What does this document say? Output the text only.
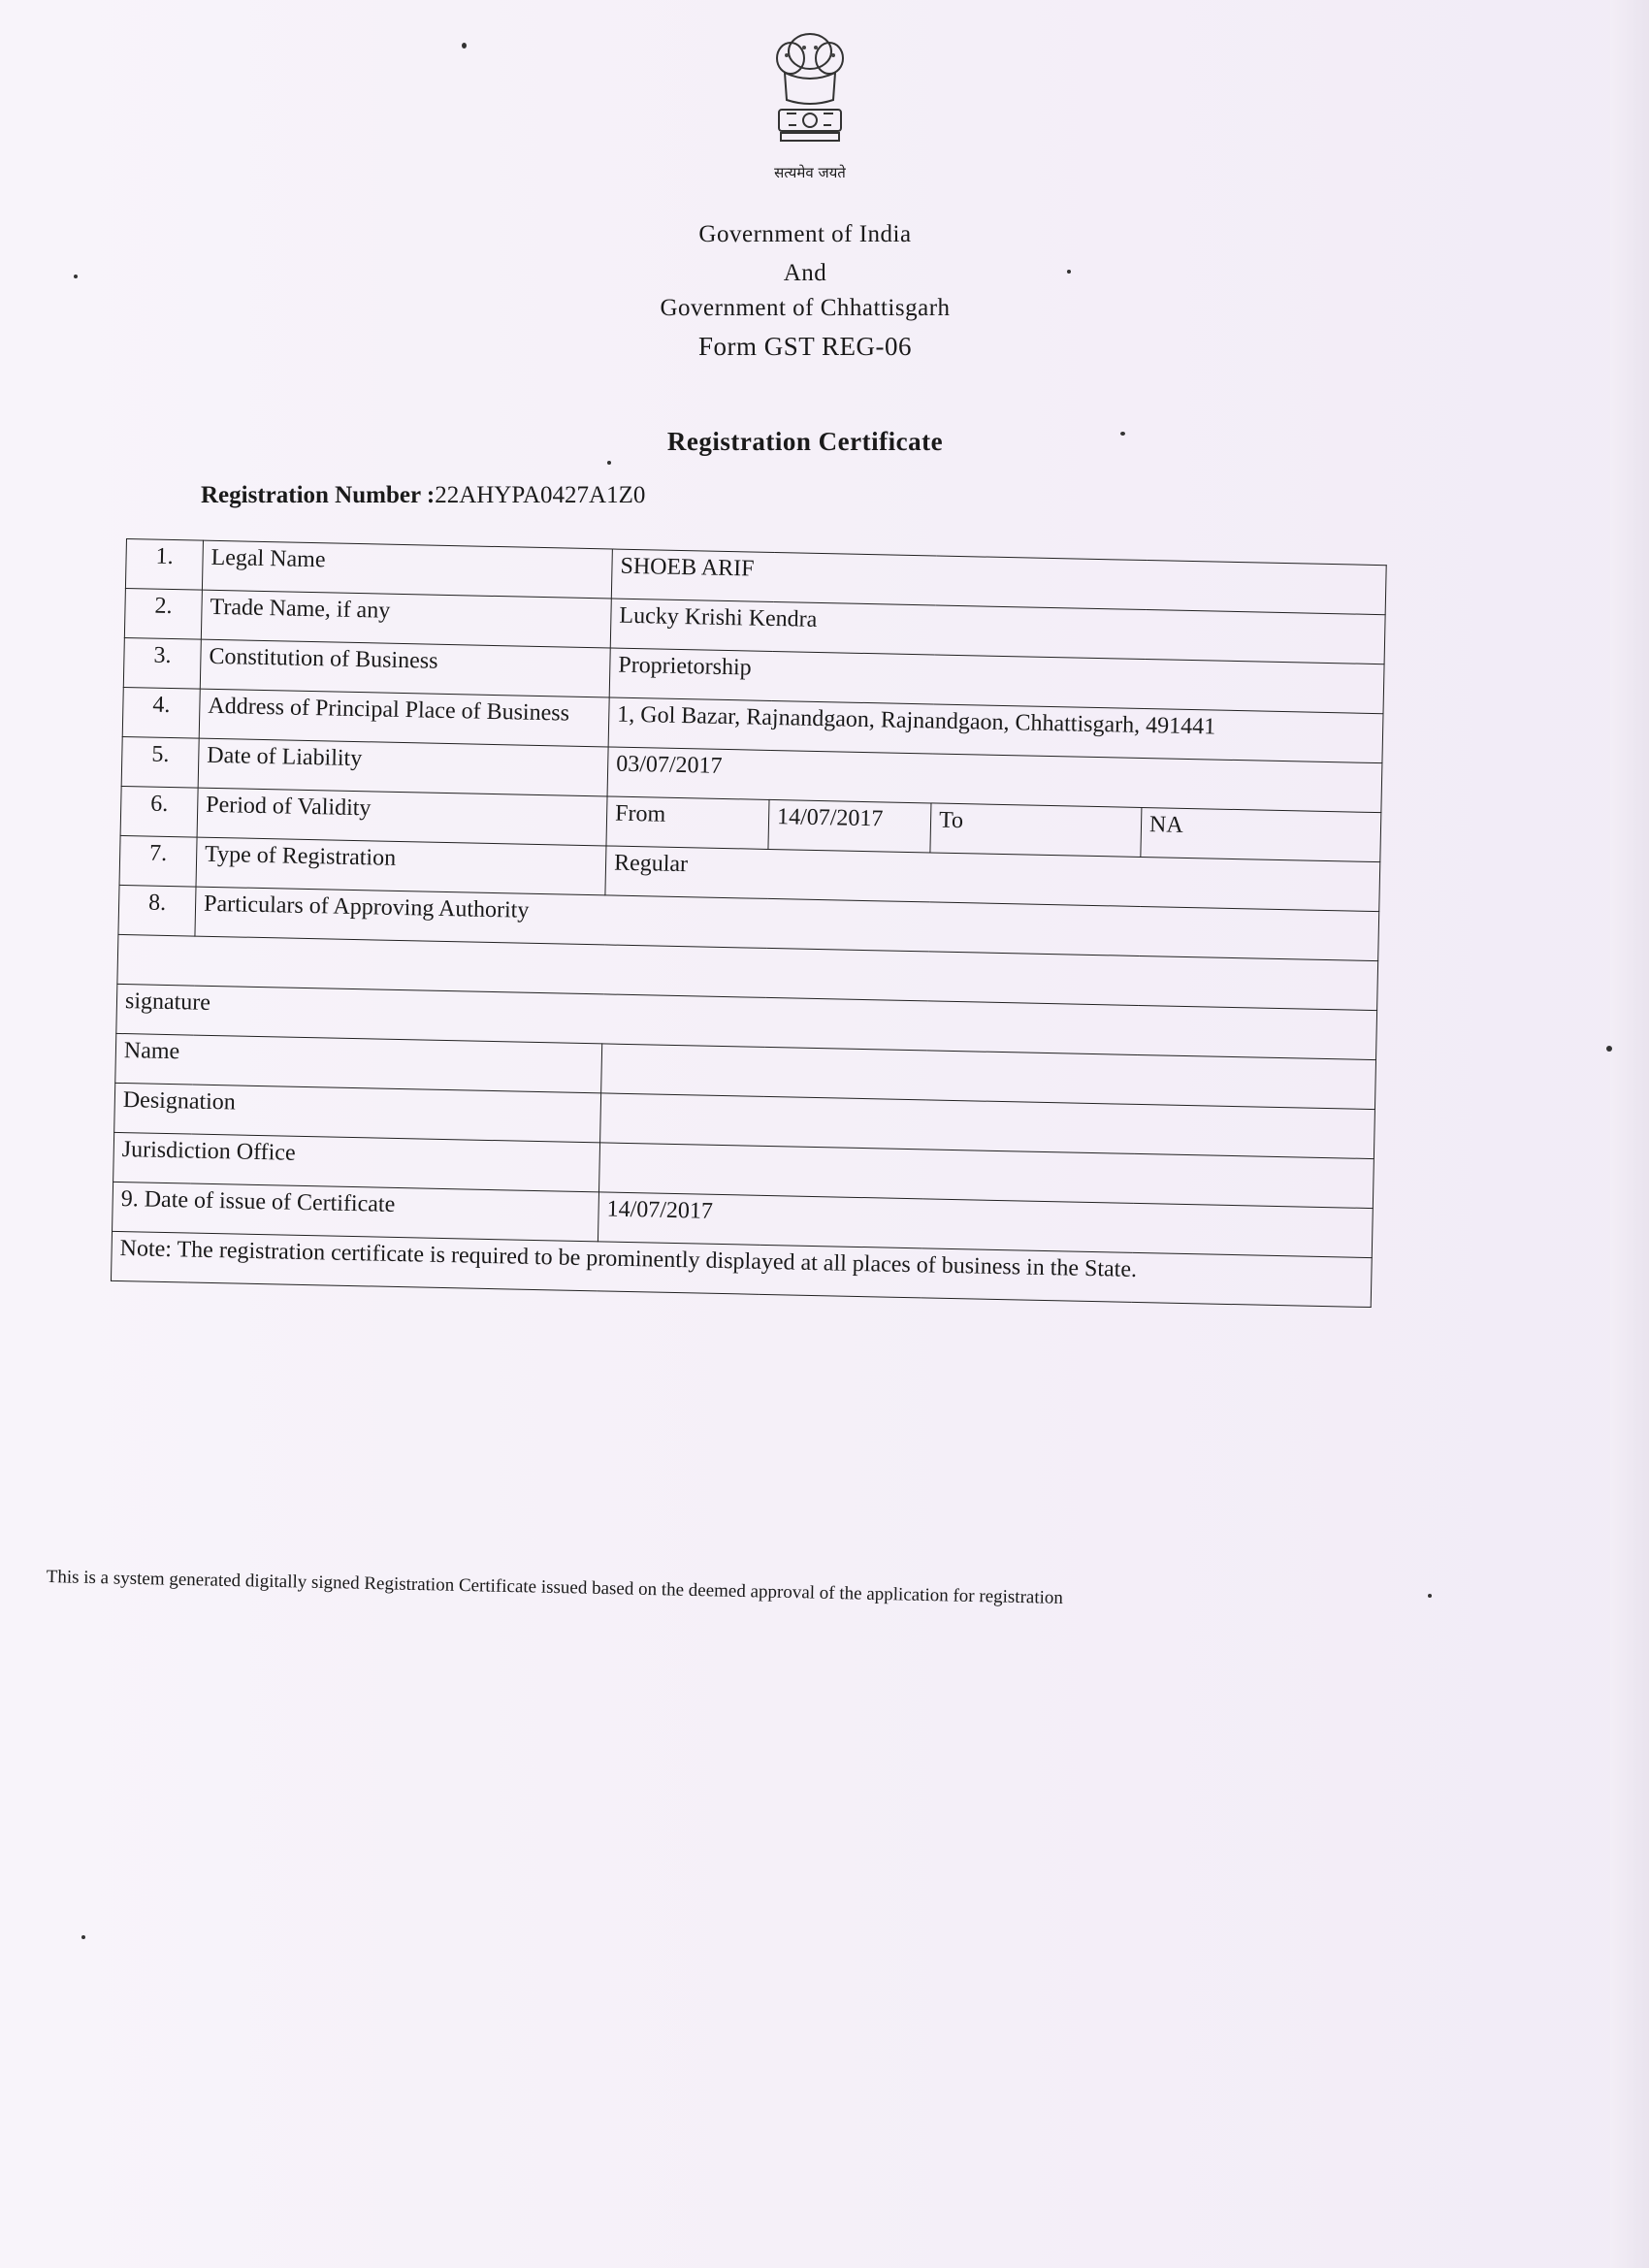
सत्यमेव जयते
Government of India
And
Government of Chhattisgarh
Form GST REG-06
Registration Certificate
Registration Number :22AHYPA0427A1Z0
1.	Legal Name	SHOEB ARIF			
2.	Trade Name, if any	Lucky Krishi Kendra			
3.	Constitution of Business	Proprietorship			
4.	Address of Principal Place of Business	1, Gol Bazar, Rajnandgaon, Rajnandgaon, Chhattisgarh, 491441			
5.	Date of Liability	03/07/2017			
6.	Period of Validity	From	14/07/2017	To	NA
7.	Type of Registration	Regular			
8.	Particulars of Approving Authority				

signature					
Name					
Designation					
Jurisdiction Office					
9. Date of issue of Certificate		14/07/2017			
Note: The registration certificate is required to be prominently displayed at all places of business in the State.					
This is a system generated digitally signed Registration Certificate issued based on the deemed approval of the application for registration
